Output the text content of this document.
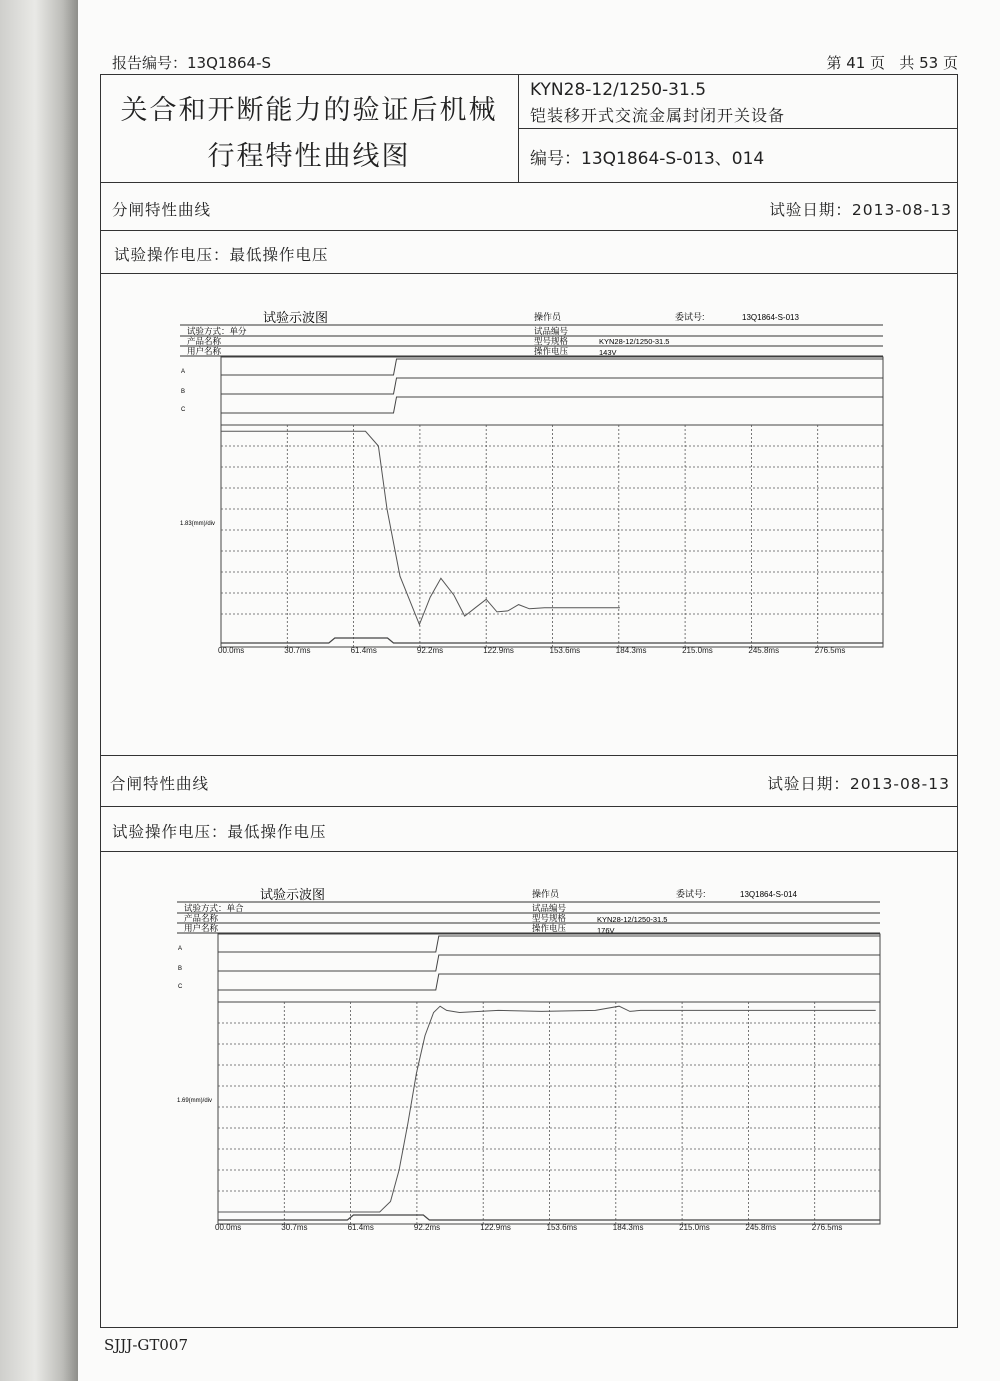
报告编号：13Q1864-S	第 41 页   共 53 页
关合和开断能力的验证后机械
行程特性曲线图
KYN28-12/1250-31.5
铠装移开式交流金属封闭开关设备
编号：13Q1864-S-013、014
分闸特性曲线	试验日期：2013-08-13
试验操作电压：最低操作电压
合闸特性曲线	试验日期：2013-08-13
试验操作电压：最低操作电压
试验示波图	操作员	委试号:	13Q1864-S-013
试验方式：单分	试品编号
产品名称	型号规格	KYN28-12/1250-31.5
用户名称	操作电压	143V
A
B
C
1.83(mm)/div
00.0ms	30.7ms	61.4ms	92.2ms	122.9ms	153.6ms	184.3ms	215.0ms	245.8ms	276.5ms
试验示波图	操作员	委试号:	13Q1864-S-014
试验方式：单合	试品编号
产品名称	型号规格	KYN28-12/1250-31.5
用户名称	操作电压	176V
A
B
C
1.69(mm)/div
00.0ms	30.7ms	61.4ms	92.2ms	122.9ms	153.6ms	184.3ms	215.0ms	245.8ms	276.5ms
SJJJ-GT007
